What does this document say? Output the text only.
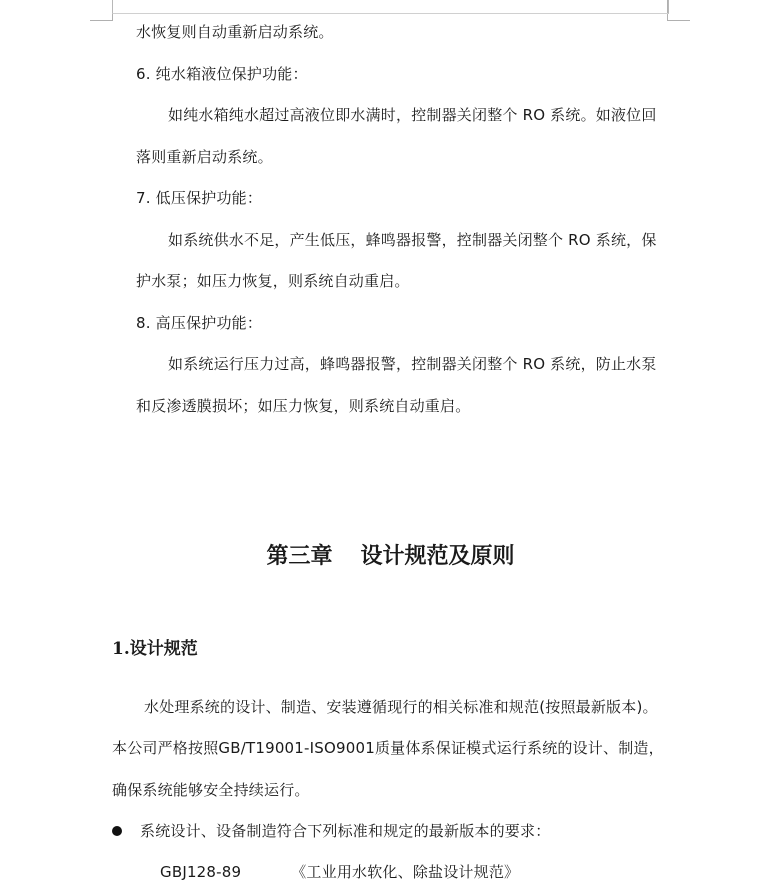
水恢复则自动重新启动系统。
6. 纯水箱液位保护功能：
如纯水箱纯水超过高液位即水满时，控制器关闭整个 RO 系统。如液位回
落则重新启动系统。
7. 低压保护功能：
如系统供水不足，产生低压，蜂鸣器报警，控制器关闭整个 RO 系统，保
护水泵；如压力恢复，则系统自动重启。
8. 高压保护功能：
如系统运行压力过高，蜂鸣器报警，控制器关闭整个 RO 系统，防止水泵
和反渗透膜损坏；如压力恢复，则系统自动重启。
第三章 设计规范及原则
1.设计规范
水处理系统的设计、制造、安装遵循现行的相关标准和规范(按照最新版本)。
本公司严格按照GB/T19001-ISO9001质量体系保证模式运行系统的设计、制造，
确保系统能够安全持续运行。
系统设计、设备制造符合下列标准和规定的最新版本的要求：
GBJ128-89	《工业用水软化、除盐设计规范》
